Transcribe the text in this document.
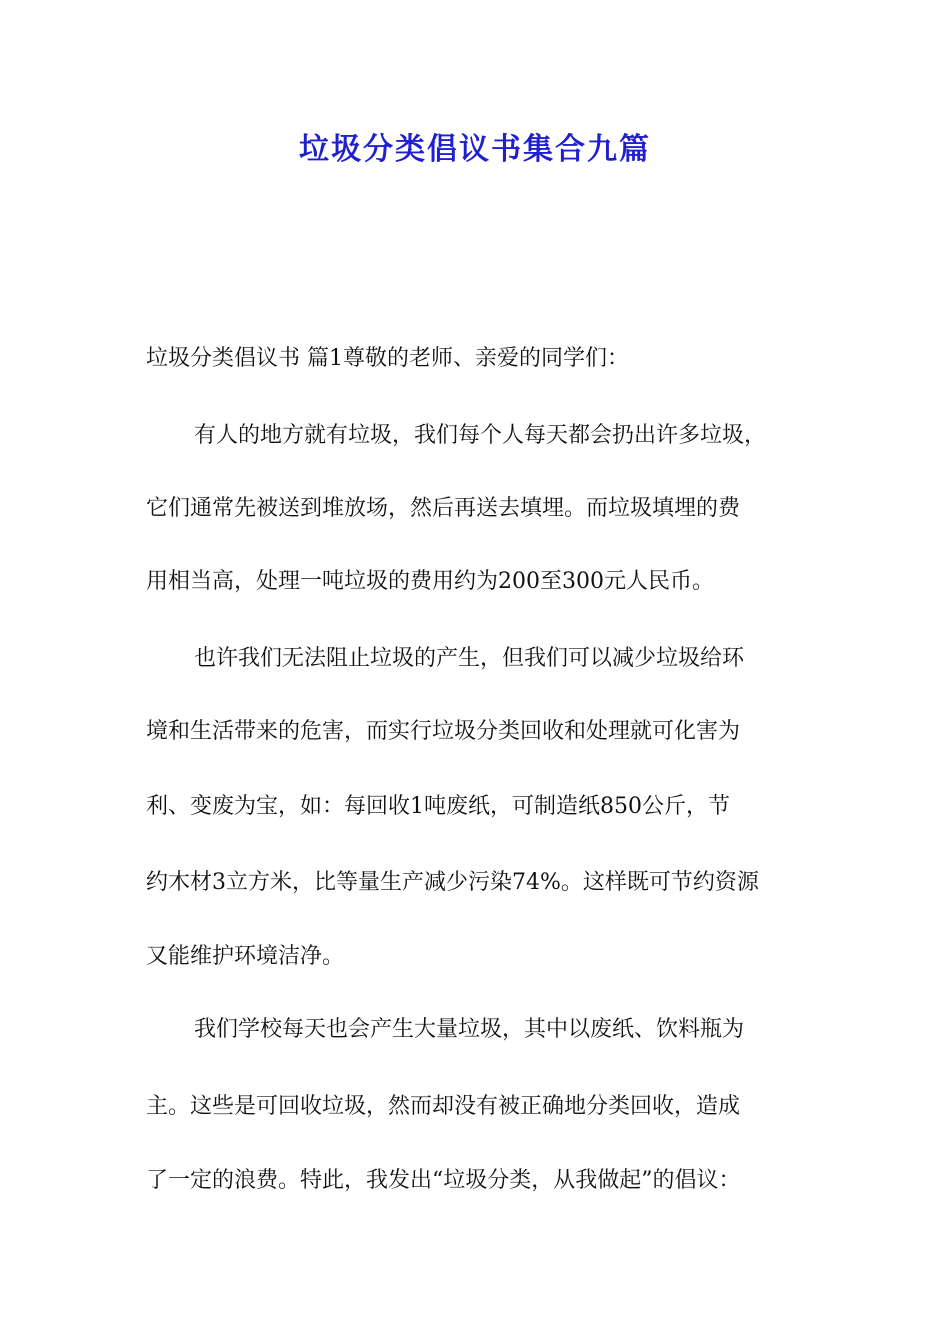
垃圾分类倡议书集合九篇
垃圾分类倡议书 篇1尊敬的老师、亲爱的同学们：
有人的地方就有垃圾，我们每个人每天都会扔出许多垃圾，
它们通常先被送到堆放场，然后再送去填埋。而垃圾填埋的费
用相当高，处理一吨垃圾的费用约为200至300元人民币。
也许我们无法阻止垃圾的产生，但我们可以减少垃圾给环
境和生活带来的危害，而实行垃圾分类回收和处理就可化害为
利、变废为宝，如：每回收1吨废纸，可制造纸850公斤，节
约木材3立方米，比等量生产减少污染74%。这样既可节约资源
又能维护环境洁净。
我们学校每天也会产生大量垃圾，其中以废纸、饮料瓶为
主。这些是可回收垃圾，然而却没有被正确地分类回收，造成
了一定的浪费。特此，我发出“垃圾分类，从我做起”的倡议：
